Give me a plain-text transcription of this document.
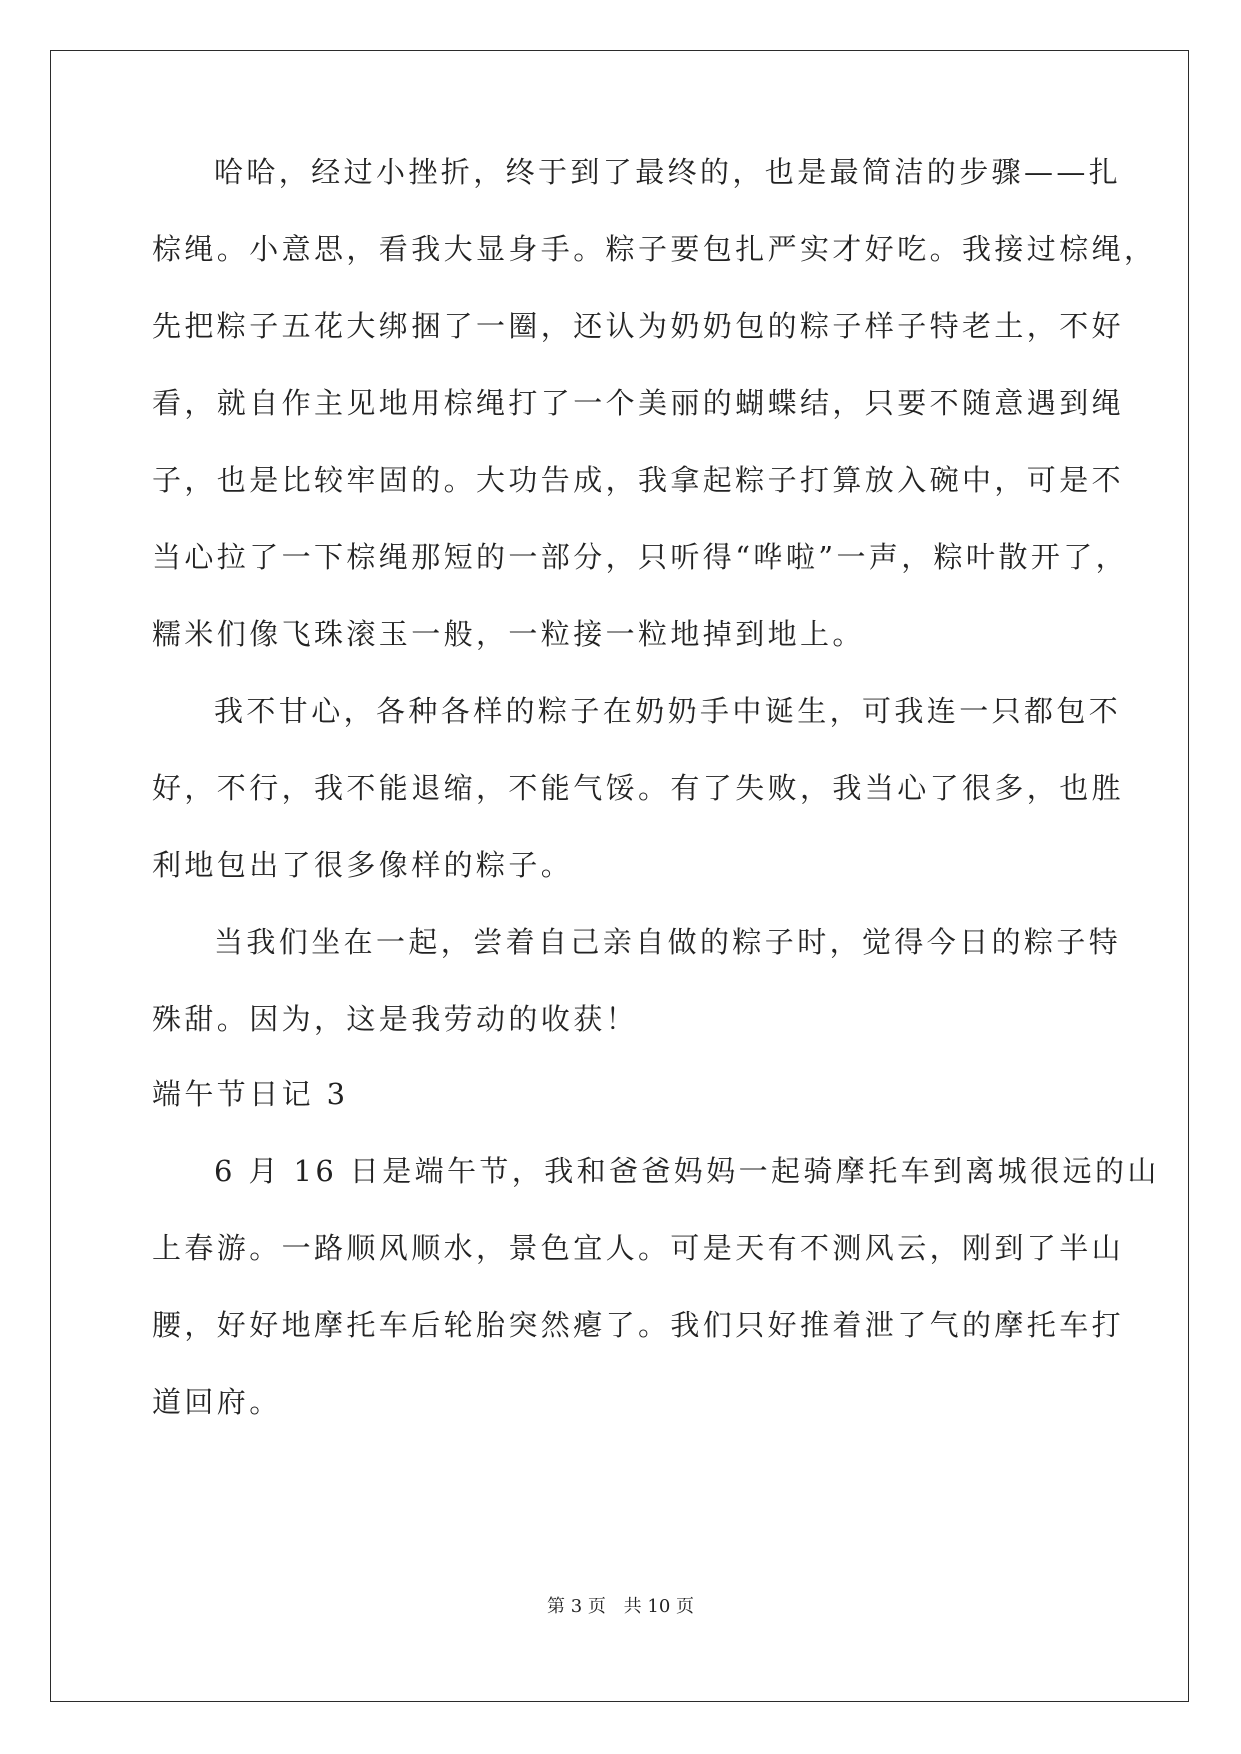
哈哈，经过小挫折，终于到了最终的，也是最简洁的步骤——扎
棕绳。小意思，看我大显身手。粽子要包扎严实才好吃。我接过棕绳，
先把粽子五花大绑捆了一圈，还认为奶奶包的粽子样子特老土，不好
看，就自作主见地用棕绳打了一个美丽的蝴蝶结，只要不随意遇到绳
子，也是比较牢固的。大功告成，我拿起粽子打算放入碗中，可是不
当心拉了一下棕绳那短的一部分，只听得“哗啦”一声，粽叶散开了，
糯米们像飞珠滚玉一般，一粒接一粒地掉到地上。
我不甘心，各种各样的粽子在奶奶手中诞生，可我连一只都包不
好，不行，我不能退缩，不能气馁。有了失败，我当心了很多，也胜
利地包出了很多像样的粽子。
当我们坐在一起，尝着自己亲自做的粽子时，觉得今日的粽子特
殊甜。因为，这是我劳动的收获！
端午节日记 3
6 月 16 日是端午节，我和爸爸妈妈一起骑摩托车到离城很远的山
上春游。一路顺风顺水，景色宜人。可是天有不测风云，刚到了半山
腰，好好地摩托车后轮胎突然瘪了。我们只好推着泄了气的摩托车打
道回府。
第 3 页 共 10 页
